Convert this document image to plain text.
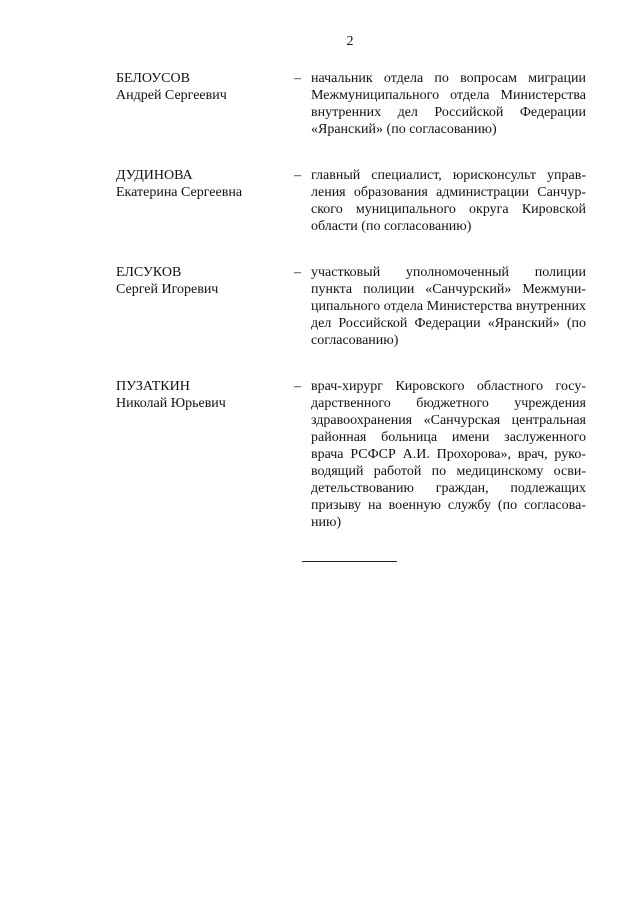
2
БЕЛОУСОВ
Андрей Сергеевич
– начальник отдела по вопросам миграции Межмуниципального отдела Министерства внутренних дел Российской Федерации «Яранский» (по согласованию)
ДУДИНОВА
Екатерина Сергеевна
– главный специалист, юрисконсульт управления образования администрации Санчурского муниципального округа Кировской области (по согласованию)
ЕЛСУКОВ
Сергей Игоревич
– участковый уполномоченный полиции пункта полиции «Санчурский» Межмуниципального отдела Министерства внутренних дел Российской Федерации «Яранский» (по согласованию)
ПУЗАТКИН
Николай Юрьевич
– врач-хирург Кировского областного государственного бюджетного учреждения здравоохранения «Санчурская центральная районная больница имени заслуженного врача РСФСР А.И. Прохорова», врач, руководящий работой по медицинскому освидетельствованию граждан, подлежащих призыву на военную службу (по согласованию)
